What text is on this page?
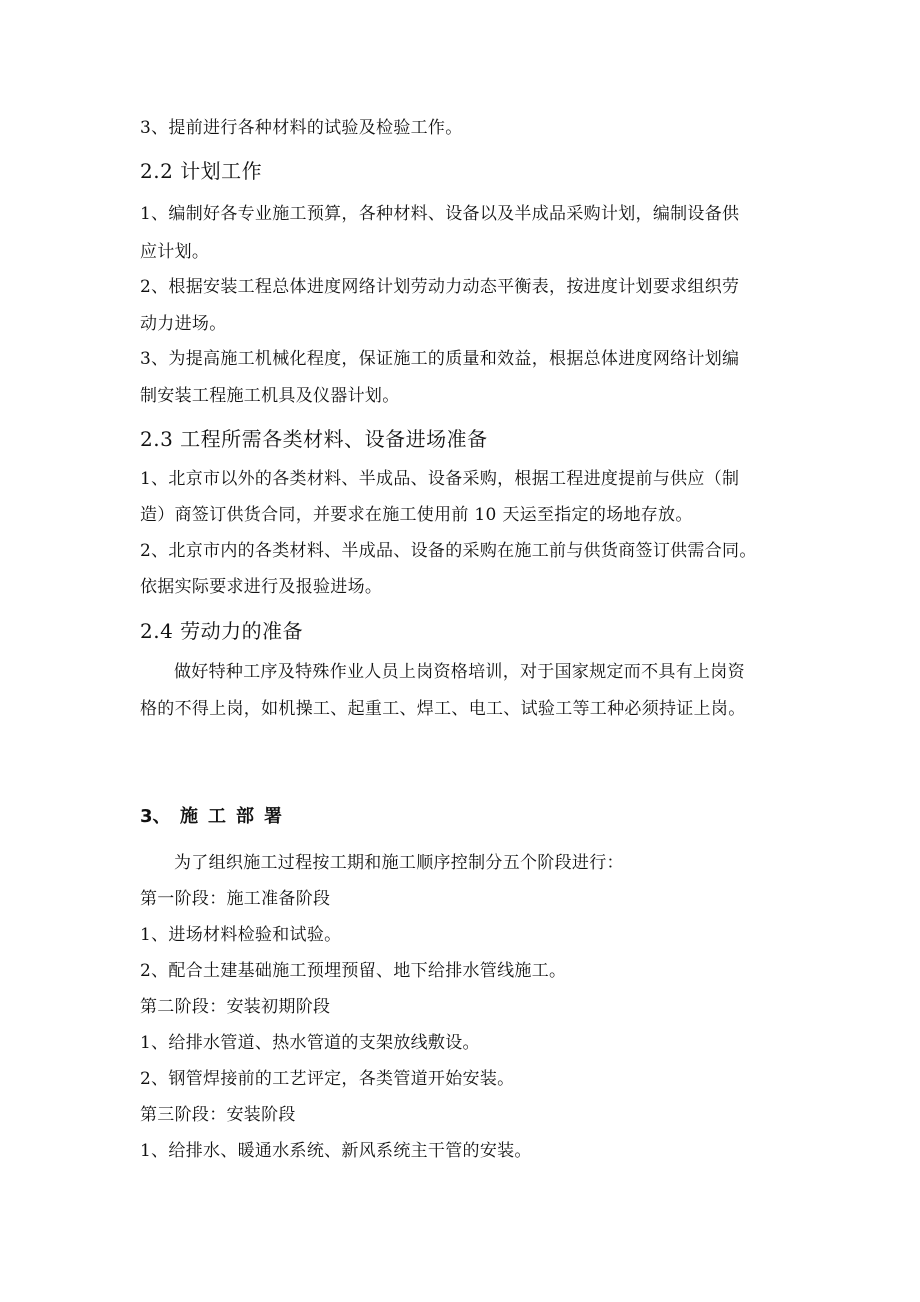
3、提前进行各种材料的试验及检验工作。
2.2 计划工作
1、编制好各专业施工预算，各种材料、设备以及半成品采购计划，编制设备供
应计划。
2、根据安装工程总体进度网络计划劳动力动态平衡表，按进度计划要求组织劳
动力进场。
3、为提高施工机械化程度，保证施工的质量和效益，根据总体进度网络计划编
制安装工程施工机具及仪器计划。
2.3 工程所需各类材料、设备进场准备
1、北京市以外的各类材料、半成品、设备采购，根据工程进度提前与供应（制
造）商签订供货合同，并要求在施工使用前 10 天运至指定的场地存放。
2、北京市内的各类材料、半成品、设备的采购在施工前与供货商签订供需合同。
依据实际要求进行及报验进场。
2.4 劳动力的准备
做好特种工序及特殊作业人员上岗资格培训，对于国家规定而不具有上岗资
格的不得上岗，如机操工、起重工、焊工、电工、试验工等工种必须持证上岗。
3、 施工部署
为了组织施工过程按工期和施工顺序控制分五个阶段进行：
第一阶段：施工准备阶段
1、进场材料检验和试验。
2、配合土建基础施工预埋预留、地下给排水管线施工。
第二阶段：安装初期阶段
1、给排水管道、热水管道的支架放线敷设。
2、钢管焊接前的工艺评定，各类管道开始安装。
第三阶段：安装阶段
1、给排水、暖通水系统、新风系统主干管的安装。
